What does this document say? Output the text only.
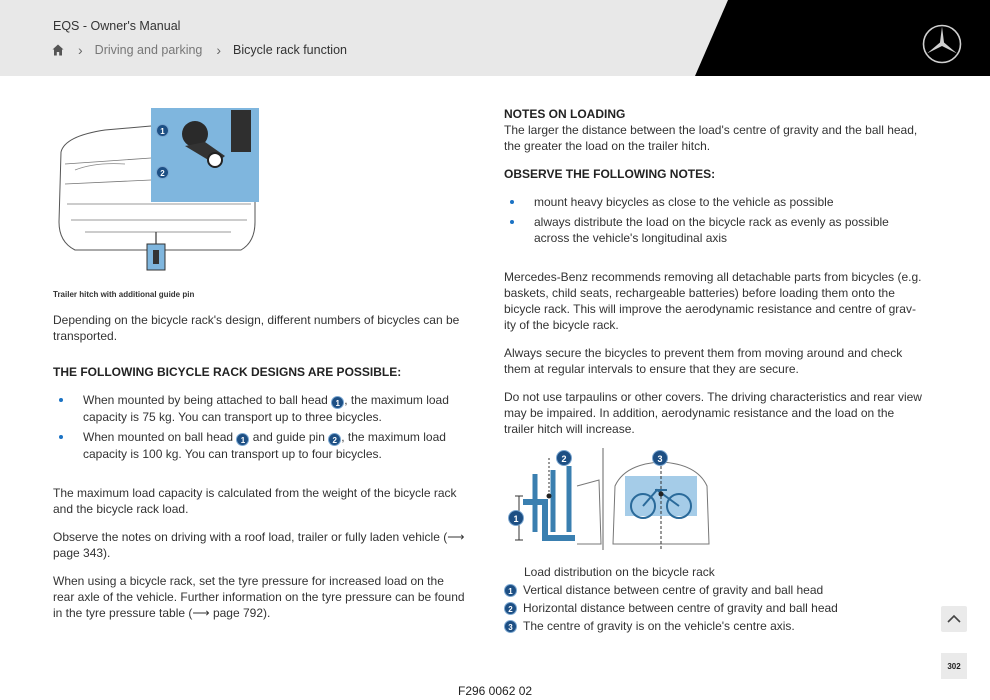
EQS - Owner's Manual
› Driving and parking › Bicycle rack function
1
2
Trailer hitch with additional guide pin

Depending on the bicycle rack's design, different numbers of bicycles can be transported.

THE FOLLOWING BICYCLE RACK DESIGNS ARE POSSIBLE:

When mounted by being attached to ball head 1 , the maximum load capacity is 75 kg. You can transport up to three bicycles.
When mounted on ball head 1 and guide pin 2 , the maximum load capacity is 100 kg. You can transport up to four bicycles.

The maximum load capacity is calculated from the weight of the bicycle rack and the bicycle rack load.

Observe the notes on driving with a roof load, trailer or fully laden vehicle (⟶ page 343).

When using a bicycle rack, set the tyre pressure for increased load on the rear axle of the vehicle. Further information on the tyre pressure can be found in the tyre pressure table (⟶ page 792).

NOTES ON LOADING

The larger the distance between the load's centre of gravity and the ball head, the greater the load on the trailer hitch.

OBSERVE THE FOLLOWING NOTES:

mount heavy bicycles as close to the vehicle as possible
always distribute the load on the bicycle rack as evenly as possible across the vehicle's longitudinal axis

Mercedes-Benz recommends removing all detachable parts from bicycles (e.g. baskets, child seats, rechargeable batteries) before loading them onto the bicycle rack. This will improve the aerodynamic resistance and centre of grav-ity of the bicycle rack.

Always secure the bicycles to prevent them from moving around and check them at regular intervals to ensure that they are secure.

Do not use tarpaulins or other covers. The driving characteristics and rear view may be impaired. In addition, aerodynamic resistance and the load on the trailer hitch will increase.

2	3
1
Load distribution on the bicycle rack
1 Vertical distance between centre of gravity and ball head
2 Horizontal distance between centre of gravity and ball head
3 The centre of gravity is on the vehicle's centre axis.
302
F296 0062 02
